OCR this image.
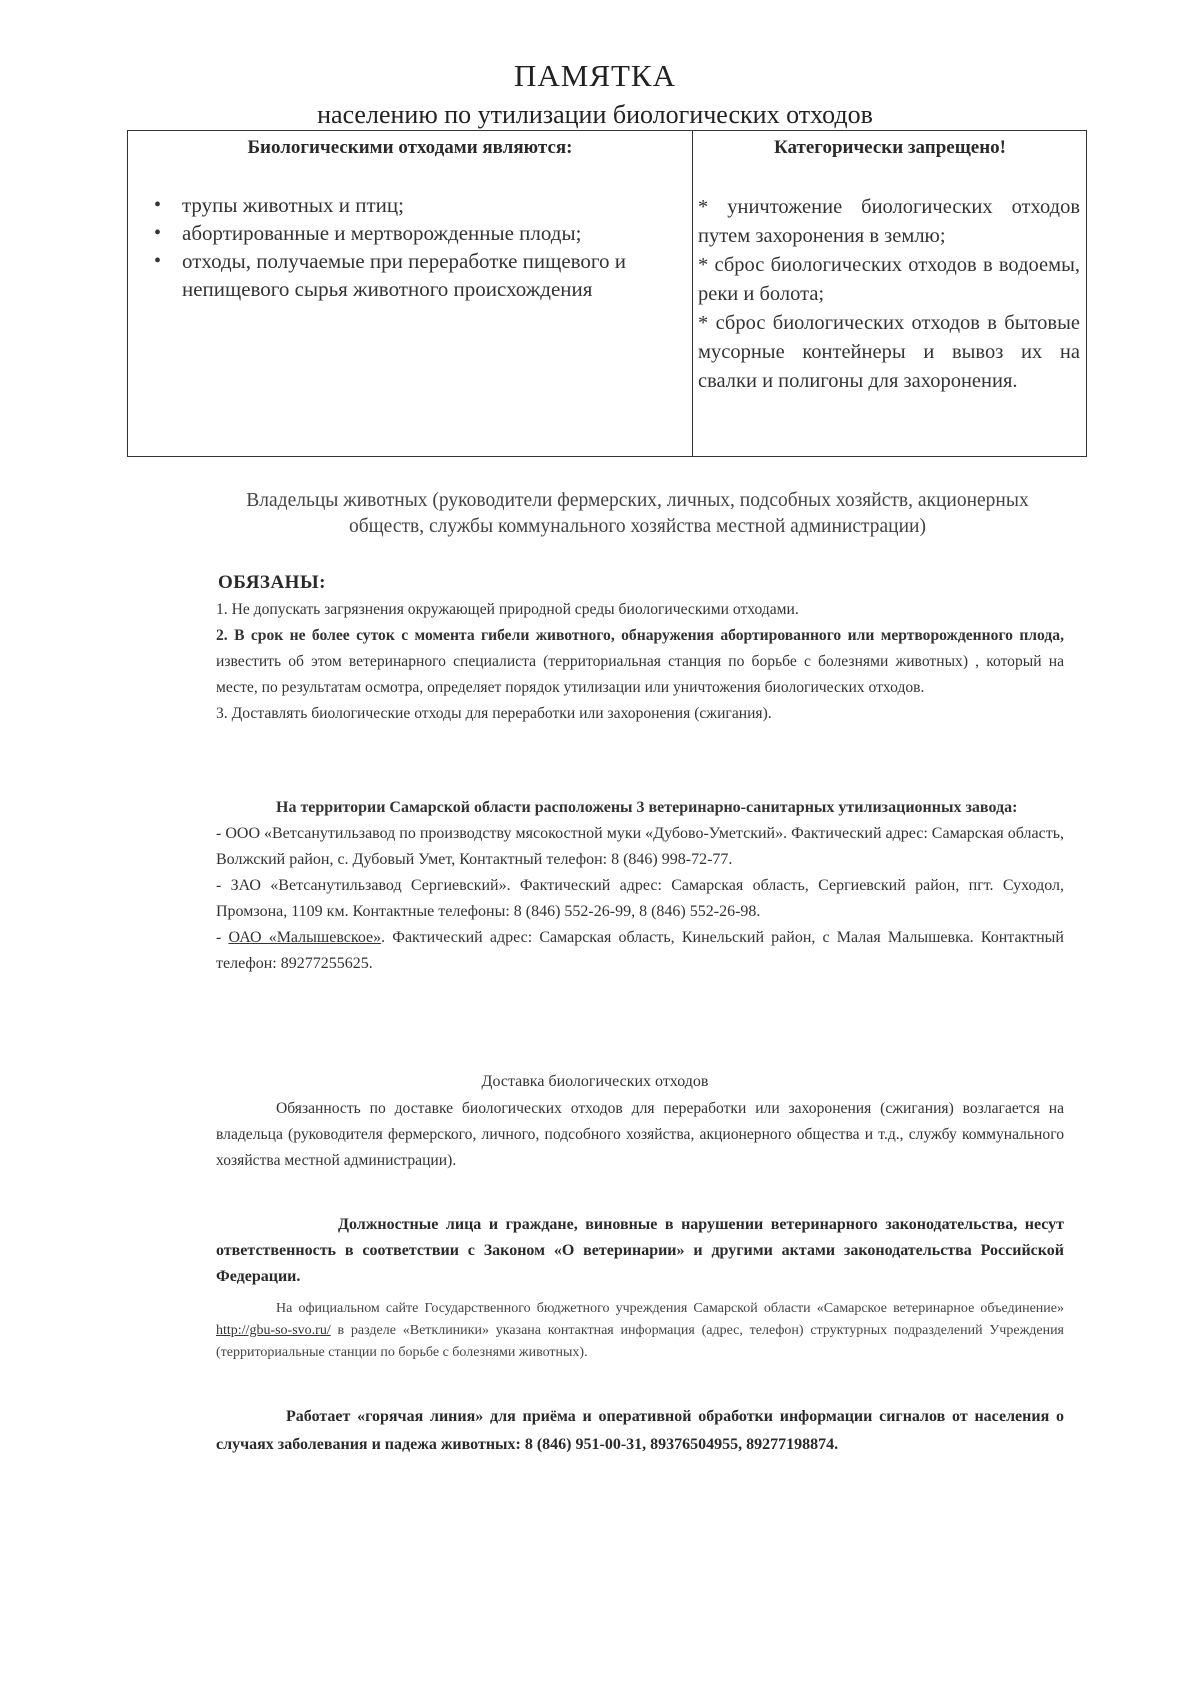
ПАМЯТКА
населению по утилизации биологических отходов
Биологическими отходами являются:	Категорически запрещено!
• трупы животных и птиц;
• абортированные и мертворожденные плоды;
• отходы, получаемые при переработке пищевого и непищевого сырья животного происхождения

* уничтожение биологических отходов путем захоронения в землю;

* сброс биологических отходов в водоемы, реки и болота;

* сброс биологических отходов в бытовые мусорные контейнеры и вывоз их на свалки и полигоны для захоронения.

Владельцы животных (руководители фермерских, личных, подсобных хозяйств, акционерных обществ, службы коммунального хозяйства местной администрации)
ОБЯЗАНЫ:

1. Не допускать загрязнения окружающей природной среды биологическими отходами.

2. В срок не более суток с момента гибели животного, обнаружения абортированного или мертворожденного плода, известить об этом ветеринарного специалиста (территориальная станция по борьбе с болезнями животных) , который на месте, по результатам осмотра, определяет порядок утилизации или уничтожения биологических отходов.

3. Доставлять биологические отходы для переработки или захоронения (сжигания).

На территории Самарской области расположены 3 ветеринарно-санитарных утилизационных завода:

- ООО «Ветсанутильзавод по производству мясокостной муки «Дубово-Уметский». Фактический адрес: Самарская область, Волжский район, с. Дубовый Умет, Контактный телефон: 8 (846) 998-72-77.

- ЗАО «Ветсанутильзавод Сергиевский». Фактический адрес: Самарская область, Сергиевский район, пгт. Суходол, Промзона, 1109 км. Контактные телефоны: 8 (846) 552-26-99, 8 (846) 552-26-98.

- ОАО «Малышевское». Фактический адрес: Самарская область, Кинельский район, с Малая Малышевка. Контактный телефон: 89277255625.

Доставка биологических отходов

Обязанность по доставке биологических отходов для переработки или захоронения (сжигания) возлагается на владельца (руководителя фермерского, личного, подсобного хозяйства, акционерного общества и т.д., службу коммунального хозяйства местной администрации).

Должностные лица и граждане, виновные в нарушении ветеринарного законодательства, несут ответственность в соответствии с Законом «О ветеринарии» и другими актами законодательства Российской Федерации.

На официальном сайте Государственного бюджетного учреждения Самарской области «Самарское ветеринарное объединение» http://gbu-so-svo.ru/ в разделе «Ветклиники» указана контактная информация (адрес, телефон) структурных подразделений Учреждения (территориальные станции по борьбе с болезнями животных).

Работает «горячая линия» для приёма и оперативной обработки информации сигналов от населения о случаях заболевания и падежа животных: 8 (846) 951-00-31, 89376504955, 89277198874.
